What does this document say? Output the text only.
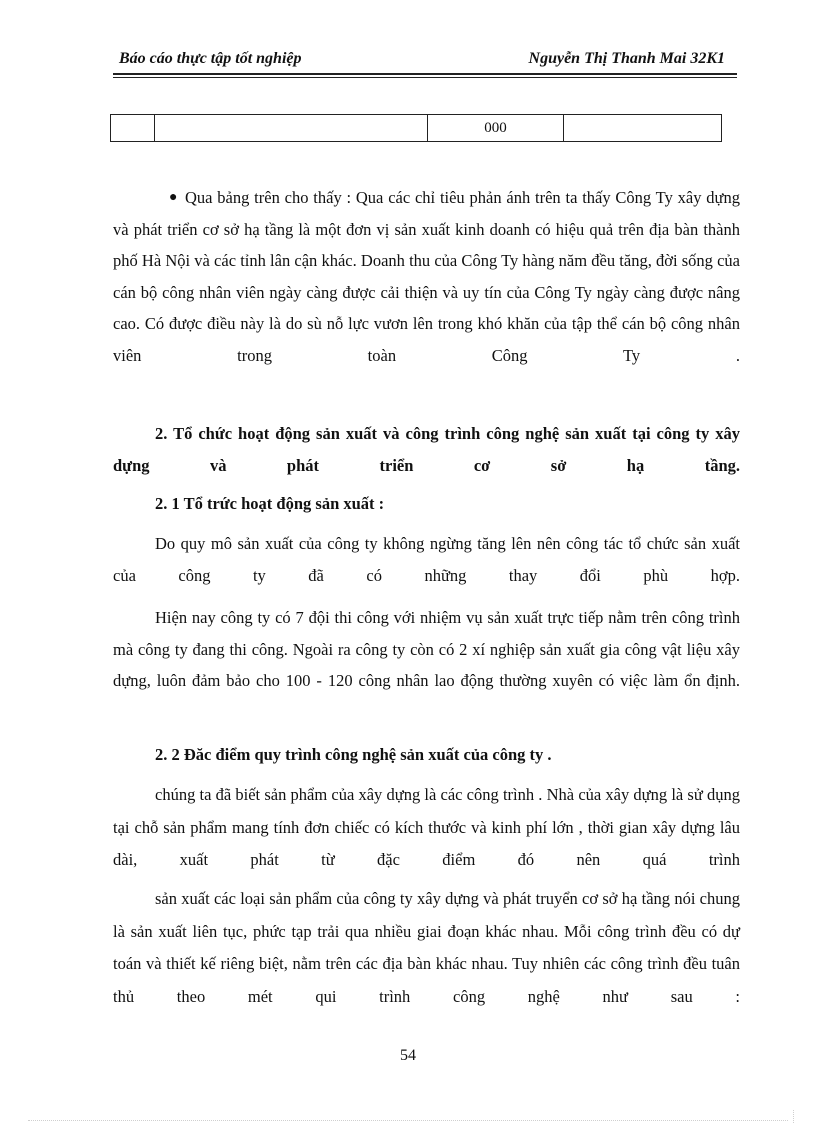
Báo cáo thực tập tốt nghiệp	Nguyễn Thị Thanh Mai 32K1
		000	
● Qua bảng trên cho thấy : Qua các chỉ tiêu phản ánh trên ta thấy Công Ty xây dựng và phát triển cơ sở hạ tầng là một đơn vị sản xuất kinh doanh có hiệu quả trên địa bàn thành phố Hà Nội và các tỉnh lân cận khác. Doanh thu của Công Ty hàng năm đều tăng, đời sống của cán bộ công nhân viên ngày càng được cải thiện và uy tín của Công Ty ngày càng được nâng cao. Có được điều này là do sù nỗ lực vươn lên trong khó khăn của tập thể cán bộ công nhân viên trong toàn Công Ty .

2. Tổ chức hoạt động sản xuất và công trình công nghệ sản xuất tại công ty xây dựng và phát triển cơ sở hạ tầng.

2. 1 Tổ trức hoạt động sản xuất :

Do quy mô sản xuất của công ty không ngừng tăng lên nên công tác tổ chức sản xuất của công ty đã có những thay đổi phù hợp.

Hiện nay công ty có 7 đội thi công với nhiệm vụ sản xuất trực tiếp nằm trên công trình mà công ty đang thi công. Ngoài ra công ty còn có 2 xí nghiệp sản xuất gia công vật liệu xây dựng, luôn đảm bảo cho 100 - 120 công nhân lao động thường xuyên có việc làm ổn định.

2. 2 Đăc điểm quy trình công nghệ sản xuất của công ty .

chúng ta đã biết sản phẩm của xây dựng là các công trình . Nhà của xây dựng là sử dụng tại chỗ sản phẩm mang tính đơn chiếc có kích thước và kinh phí lớn , thời gian xây dựng lâu dài, xuất phát từ đặc điểm đó nên quá trình

sản xuất các loại sản phẩm của công ty xây dựng và phát truyển cơ sở hạ tầng nói chung là sản xuất liên tục, phức tạp trải qua nhiều giai đoạn khác nhau. Mỗi công trình đều có dự toán và thiết kế riêng biệt, nằm trên các địa bàn khác nhau. Tuy nhiên các công trình đều tuân thủ theo mét qui trình công nghệ như sau :

54
